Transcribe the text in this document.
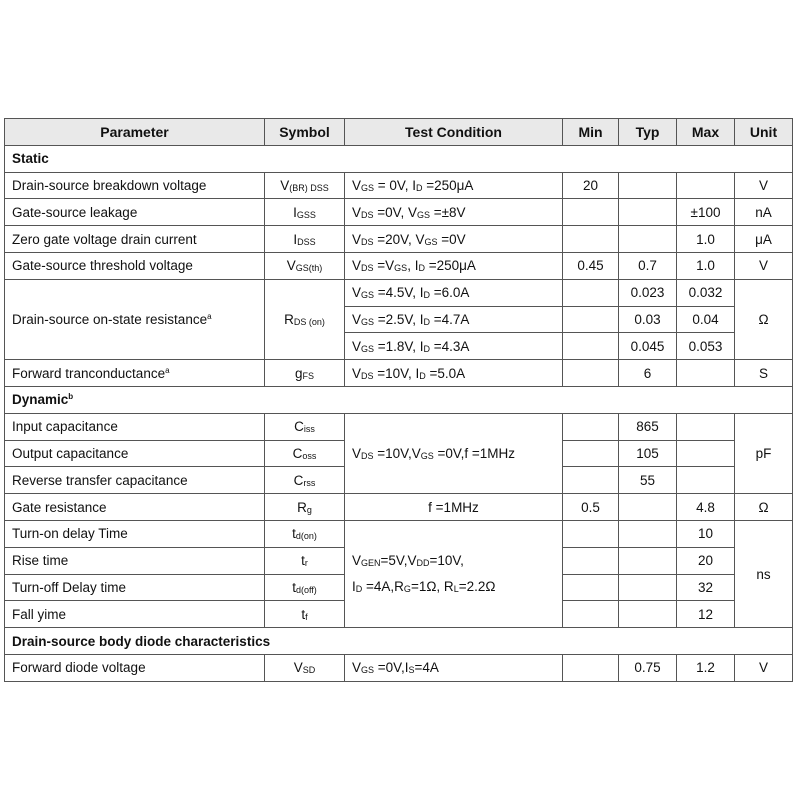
Parameter	Symbol	Test Condition	Min	Typ	Max	Unit
Static						
Drain-source breakdown voltage	$V_{(BR) DSS}$	$V_{GS} = 0V$, $I_D =250\mu A$	20			V
Gate-source leakage	$I_{GSS}$	$V_{DS} =0V$, $V_{GS} =\pm 8V$			±100	nA
Zero gate voltage drain current	$I_{DSS}$	$V_{DS} =20V$, $V_{GS} =0V$			1.0	μA
Gate-source threshold voltage	$V_{GS(th)}$	$V_{DS} =V_{GS}$, $I_D =250\mu A$	0.45	0.7	1.0	V
Drain-source on-state resistance$^a$	$R_{DS (on)}$	$V_{GS} =4.5V$, $I_D =6.0A$		0.023	0.032	Ω
		$V_{GS} =2.5V$, $I_D =4.7A$		0.03	0.04	
		$V_{GS} =1.8V$, $I_D =4.3A$		0.045	0.053	
Forward tranconductance$^a$	$g_{FS}$	$V_{DS} =10V$, $I_D =5.0A$		6		S
Dynamic$^b$
Input capacitance	$C_{iss}$	$V_{DS} =10V,V_{GS} =0V,f =1MHz$		865		pF
Output capacitance	$C_{oss}$			105		
Reverse transfer capacitance	$C_{rss}$			55		
Gate resistance	$R_g$	f =1MHz	0.5		4.8	Ω
Turn-on delay Time	$t_{d(on)}$	$V_{GEN}=5V,V_{DD}=10V$,
$I_D =4A,R_G=1\Omega$, $R_L=2.2\Omega$			10	ns
Rise time	$t_r$				20	
Turn-off Delay time	$t_{d(off)}$				32	
Fall yime	$t_f$				12	
Drain-source body diode characteristics						
Forward diode voltage	$V_{SD}$	$V_{GS} =0V,I_S=4A$		0.75	1.2	V
